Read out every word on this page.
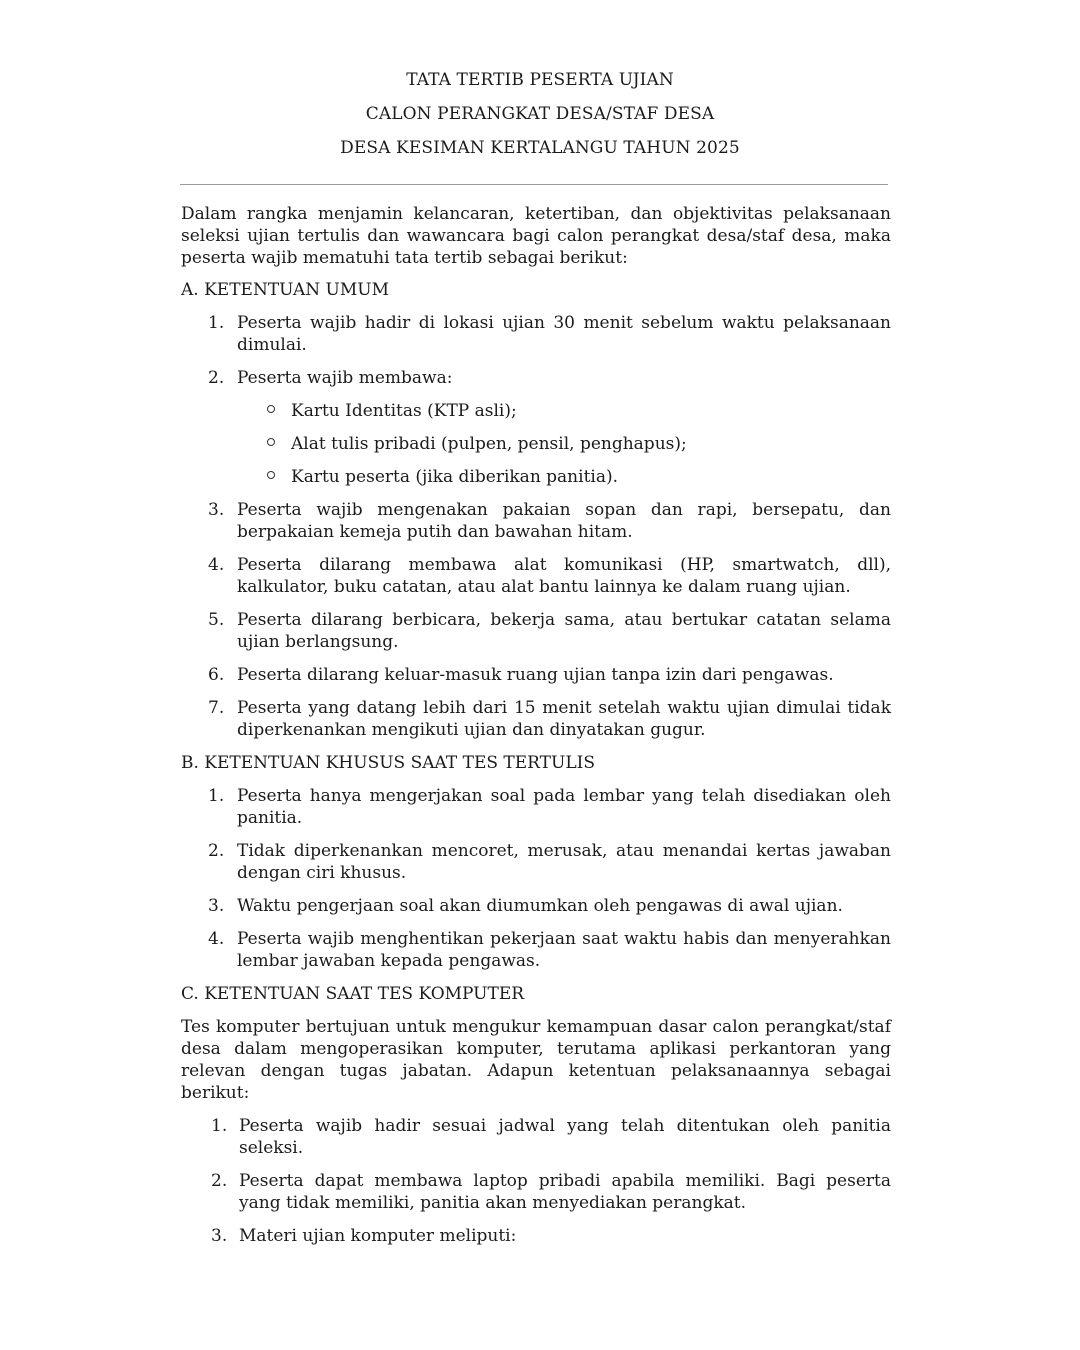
TATA TERTIB PESERTA UJIAN
CALON PERANGKAT DESA/STAF DESA
DESA KESIMAN KERTALANGU TAHUN 2025

Dalam rangka menjamin kelancaran, ketertiban, dan objektivitas pelaksanaan seleksi ujian tertulis dan wawancara bagi calon perangkat desa/staf desa, maka peserta wajib mematuhi tata tertib sebagai berikut:

A. KETENTUAN UMUM
1. Peserta wajib hadir di lokasi ujian 30 menit sebelum waktu pelaksanaan dimulai.
2. Peserta wajib membawa:
Kartu Identitas (KTP asli);
Alat tulis pribadi (pulpen, pensil, penghapus);
Kartu peserta (jika diberikan panitia).
3. Peserta wajib mengenakan pakaian sopan dan rapi, bersepatu, dan berpakaian kemeja putih dan bawahan hitam.
4. Peserta dilarang membawa alat komunikasi (HP, smartwatch, dll), kalkulator, buku catatan, atau alat bantu lainnya ke dalam ruang ujian.
5. Peserta dilarang berbicara, bekerja sama, atau bertukar catatan selama ujian berlangsung.
6. Peserta dilarang keluar-masuk ruang ujian tanpa izin dari pengawas.
7. Peserta yang datang lebih dari 15 menit setelah waktu ujian dimulai tidak diperkenankan mengikuti ujian dan dinyatakan gugur.
B. KETENTUAN KHUSUS SAAT TES TERTULIS
1. Peserta hanya mengerjakan soal pada lembar yang telah disediakan oleh panitia.
2. Tidak diperkenankan mencoret, merusak, atau menandai kertas jawaban dengan ciri khusus.
3. Waktu pengerjaan soal akan diumumkan oleh pengawas di awal ujian.
4. Peserta wajib menghentikan pekerjaan saat waktu habis dan menyerahkan lembar jawaban kepada pengawas.
C. KETENTUAN SAAT TES KOMPUTER

Tes komputer bertujuan untuk mengukur kemampuan dasar calon perangkat/staf desa dalam mengoperasikan komputer, terutama aplikasi perkantoran yang relevan dengan tugas jabatan. Adapun ketentuan pelaksanaannya sebagai berikut:

1. Peserta wajib hadir sesuai jadwal yang telah ditentukan oleh panitia seleksi.
2. Peserta dapat membawa laptop pribadi apabila memiliki. Bagi peserta yang tidak memiliki, panitia akan menyediakan perangkat.
3. Materi ujian komputer meliputi:
